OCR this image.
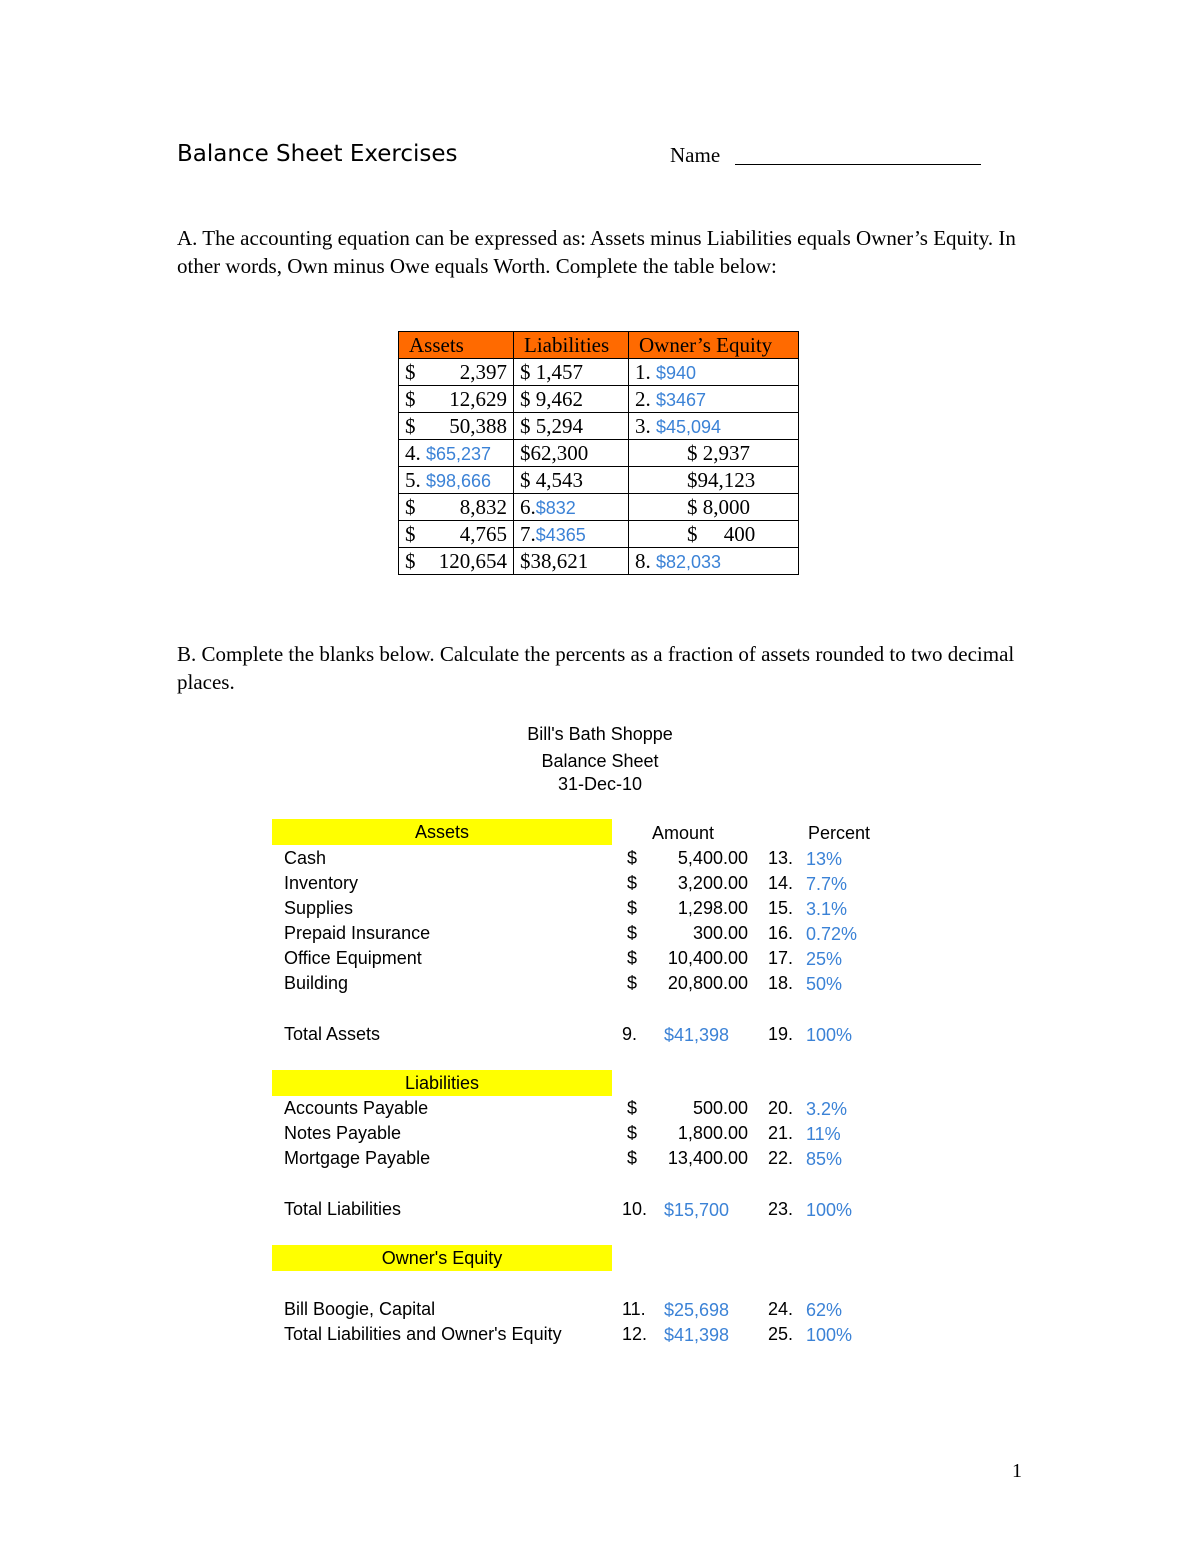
Balance Sheet Exercises	Name
A. The accounting equation can be expressed as: Assets minus Liabilities equals Owner’s Equity. In other words, Own minus Owe equals Worth. Complete the table below:
Assets	Liabilities	Owner’s Equity

$ 2,397	$ 1,457	1. $940

$ 12,629	$ 9,462	2. $3467

$ 50,388	$ 5,294	3. $45,094
4. $65,237	$62,300	$ 2,937
5. $98,666	$ 4,543	$94,123

$ 8,832	6.$832	$ 8,000

$ 4,765	7.$4365	$     400

$ 120,654	$38,621	8. $82,033
B. Complete the blanks below. Calculate the percents as a fraction of assets rounded to two decimal places.
Bill's Bath Shoppe
Balance Sheet
31-Dec-10
Assets	Amount	Percent
Cash	$	5,400.00 13. 13%
Inventory	$	3,200.00 14. 7.7%
Supplies	$	1,298.00 15. 3.1%
Prepaid Insurance	$	300.00 16. 0.72%
Office Equipment	$	10,400.00 17. 25%
Building	$	20,800.00 18. 50%
Total Assets	9. $41,398 19. 100%
Liabilities
Accounts Payable	$	500.00 20. 3.2%
Notes Payable	$	1,800.00 21. 11%
Mortgage Payable	$	13,400.00 22. 85%
Total Liabilities	10. $15,700 23. 100%
Owner's Equity
Bill Boogie, Capital	11. $25,698 24. 62%
Total Liabilities and Owner's Equity	12. $41,398 25. 100%
1
